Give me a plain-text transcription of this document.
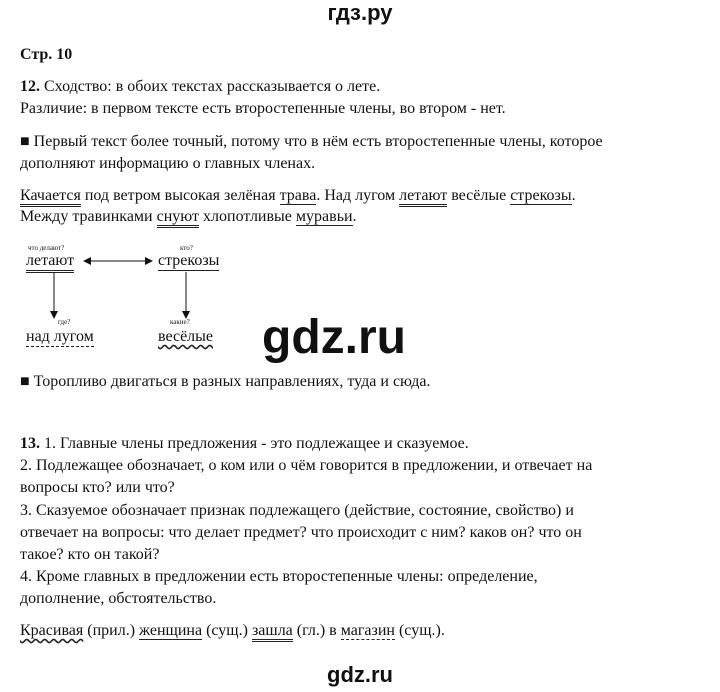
гдз.ру
Стр. 10
12. Сходство: в обоих текстах рассказывается о лете.
Различие: в первом тексте есть второстепенные члены, во втором - нет.
■ Первый текст более точный, потому что в нём есть второстепенные члены, которое
дополняют информацию о главных членах.
Качается под ветром высокая зелёная трава. Над лугом летают весёлые стрекозы.
Между травинками снуют хлопотливые муравьи.
что делают?
летают
кто?
стрекозы
где?
над лугом
какие?
весёлые gdz.ru
■ Торопливо двигаться в разных направлениях, туда и сюда.
13. 1. Главные члены предложения - это подлежащее и сказуемое.
2. Подлежащее обозначает, о ком или о чём говорится в предложении, и отвечает на
вопросы кто? или что?
3. Сказуемое обозначает признак подлежащего (действие, состояние, свойство) и
отвечает на вопросы: что делает предмет? что происходит с ним? каков он? что он
такое? кто он такой?
4. Кроме главных в предложении есть второстепенные члены: определение,
дополнение, обстоятельство.
Красивая (прил.) женщина (сущ.) зашла (гл.) в магазин (сущ.).
gdz.ru
